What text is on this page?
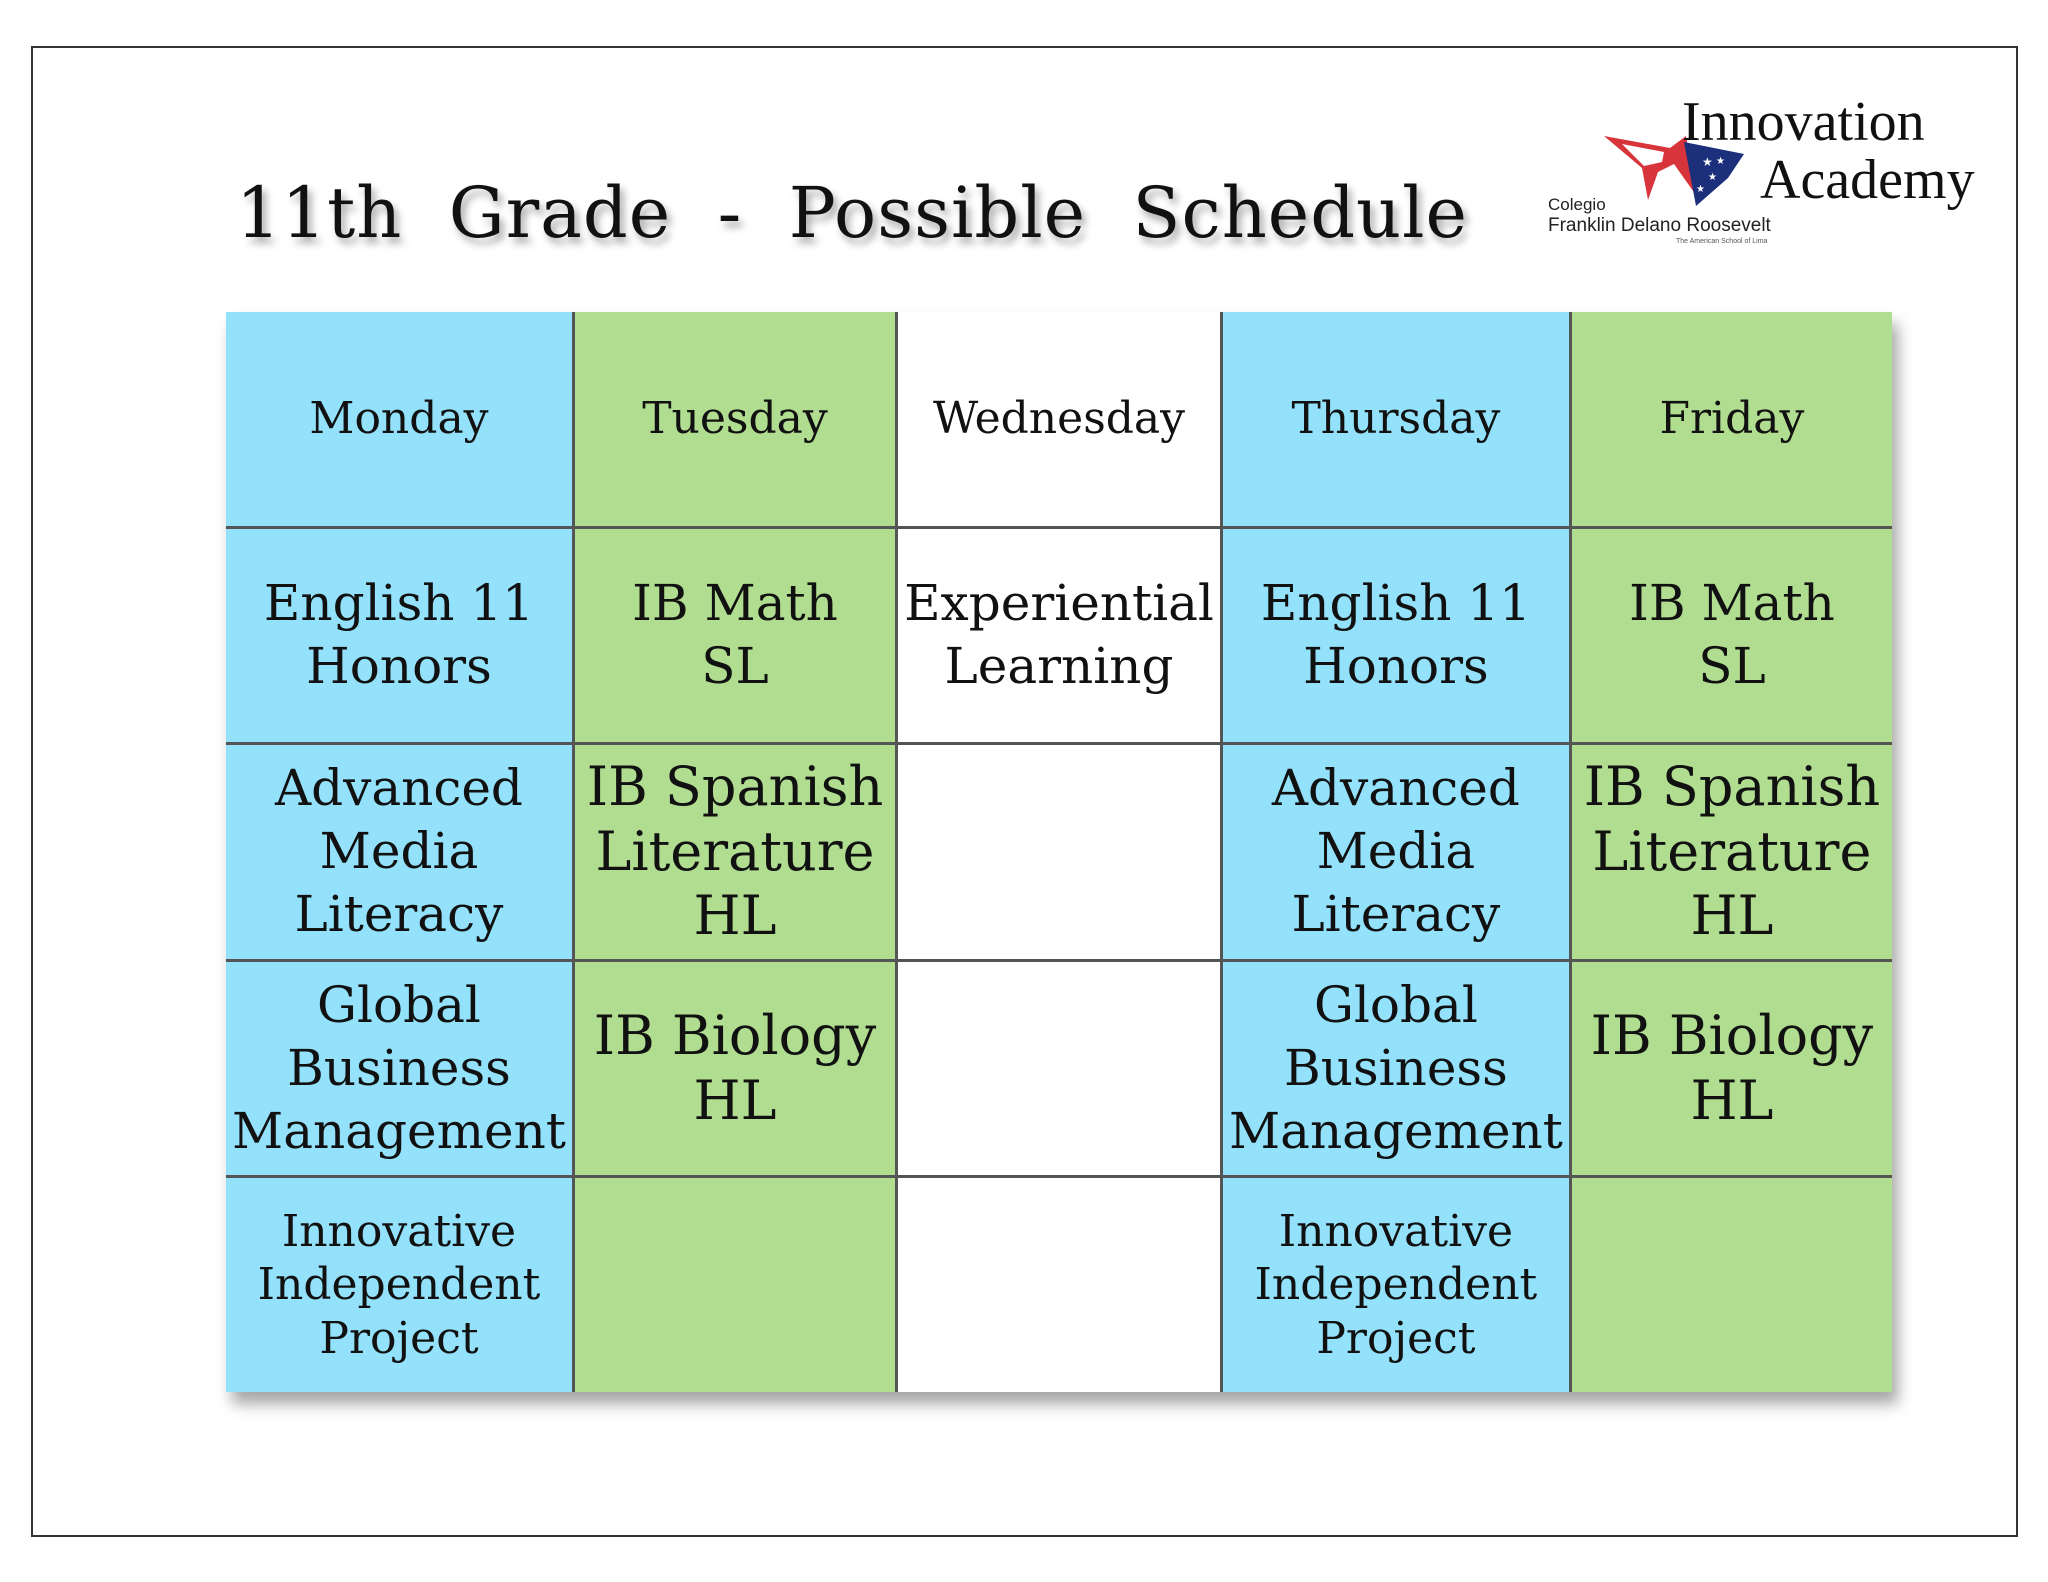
11th  Grade  -  Possible  Schedule
★ ★
★
★
Innovation
Academy
Colegio
Franklin Delano Roosevelt
The American School of Lima
Monday	Tuesday Wednesday Thursday	Friday
English 11
Honors
IB Math
SL
Experiential
Learning
English 11
Honors
IB Math
SL
Advanced
Media
Literacy
IB Spanish
Literature
HL
Advanced
Media
Literacy
IB Spanish
Literature
HL
Global
Business
Management
IB Biology
HL
Global
Business
Management
IB Biology
HL
Innovative
Independent
Project
Innovative
Independent
Project
